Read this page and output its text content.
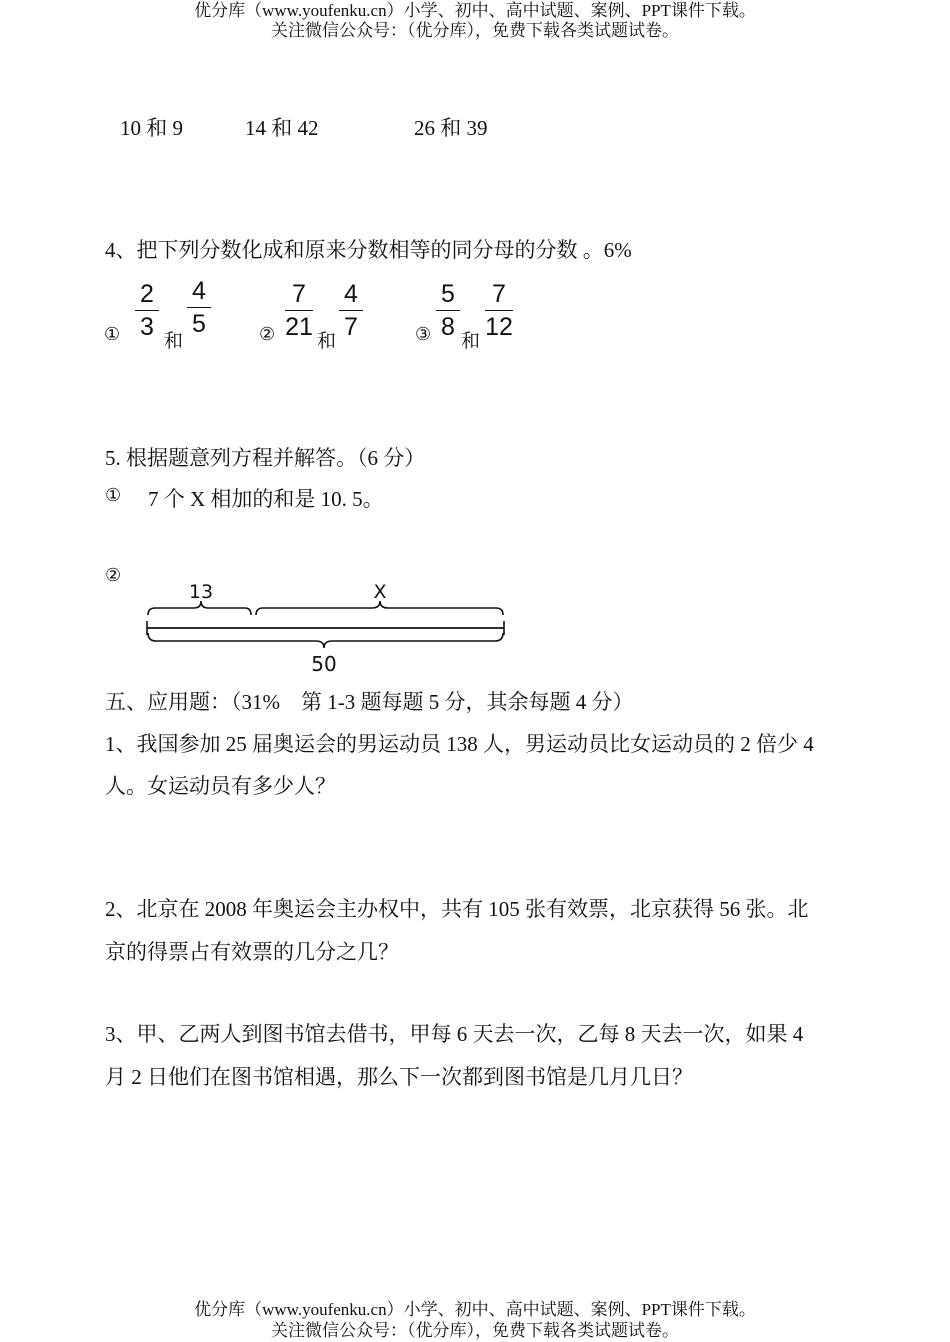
优分库（www.youfenku.cn）小学、初中、高中试题、案例、PPT课件下载。
关注微信公众号：（优分库），免费下载各类试题试卷。
10 和 9	14 和 42	26 和 39
4、把下列分数化成和原来分数相等的同分母的分数 。6%
①
2
3
和
4
5	②
7
21
和
4
7	③
5
8
和
7
12
5. 根据题意列方程并解答。（6 分）
① 7 个 X 相加的和是 10. 5。
②
13	X
50
五、应用题：（31%　第 1-3 题每题 5 分，其余每题 4 分）
1、我国参加 25 届奥运会的男运动员 138 人，男运动员比女运动员的 2 倍少 4
人。女运动员有多少人？
2、北京在 2008 年奥运会主办权中，共有 105 张有效票，北京获得 56 张。北
京的得票占有效票的几分之几？
3、甲、乙两人到图书馆去借书，甲每 6 天去一次，乙每 8 天去一次，如果 4
月 2 日他们在图书馆相遇，那么下一次都到图书馆是几月几日？
优分库（www.youfenku.cn）小学、初中、高中试题、案例、PPT课件下载。
关注微信公众号：（优分库），免费下载各类试题试卷。
